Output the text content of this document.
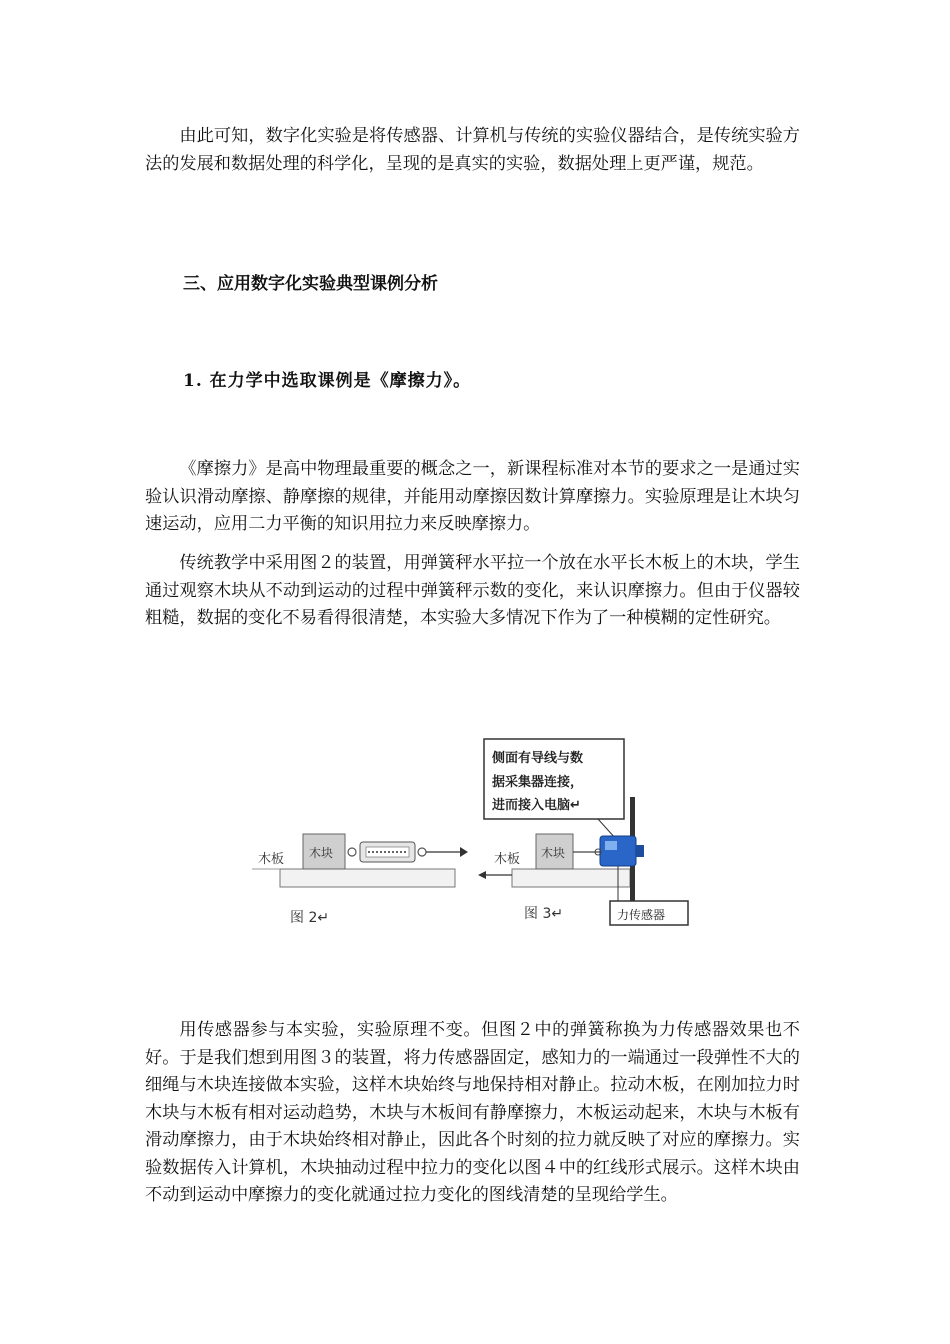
由此可知，数字化实验是将传感器、计算机与传统的实验仪器结合，是传统实验方法的发展和数据处理的科学化，呈现的是真实的实验，数据处理上更严谨，规范。

三、应用数字化实验典型课例分析
1. 在力学中选取课例是《摩擦力》。

《摩擦力》是高中物理最重要的概念之一，新课程标准对本节的要求之一是通过实验认识滑动摩擦、静摩擦的规律，并能用动摩擦因数计算摩擦力。实验原理是让木块匀速运动，应用二力平衡的知识用拉力来反映摩擦力。

传统教学中采用图２的装置，用弹簧秤水平拉一个放在水平长木板上的木块，学生通过观察木块从不动到运动的过程中弹簧秤示数的变化，来认识摩擦力。但由于仪器较粗糙，数据的变化不易看得很清楚，本实验大多情况下作为了一种模糊的定性研究。

木板 木块
图 2↵
侧面有导线与数
据采集器连接，
进而接入电脑↵
木板 木块
力传感器
图 3↵

用传感器参与本实验，实验原理不变。但图２中的弹簧称换为力传感器效果也不好。于是我们想到用图３的装置，将力传感器固定，感知力的一端通过一段弹性不大的细绳与木块连接做本实验，这样木块始终与地保持相对静止。拉动木板，在刚加拉力时木块与木板有相对运动趋势，木块与木板间有静摩擦力，木板运动起来，木块与木板有滑动摩擦力，由于木块始终相对静止，因此各个时刻的拉力就反映了对应的摩擦力。实验数据传入计算机，木块抽动过程中拉力的变化以图４中的红线形式展示。这样木块由不动到运动中摩擦力的变化就通过拉力变化的图线清楚的呈现给学生。
